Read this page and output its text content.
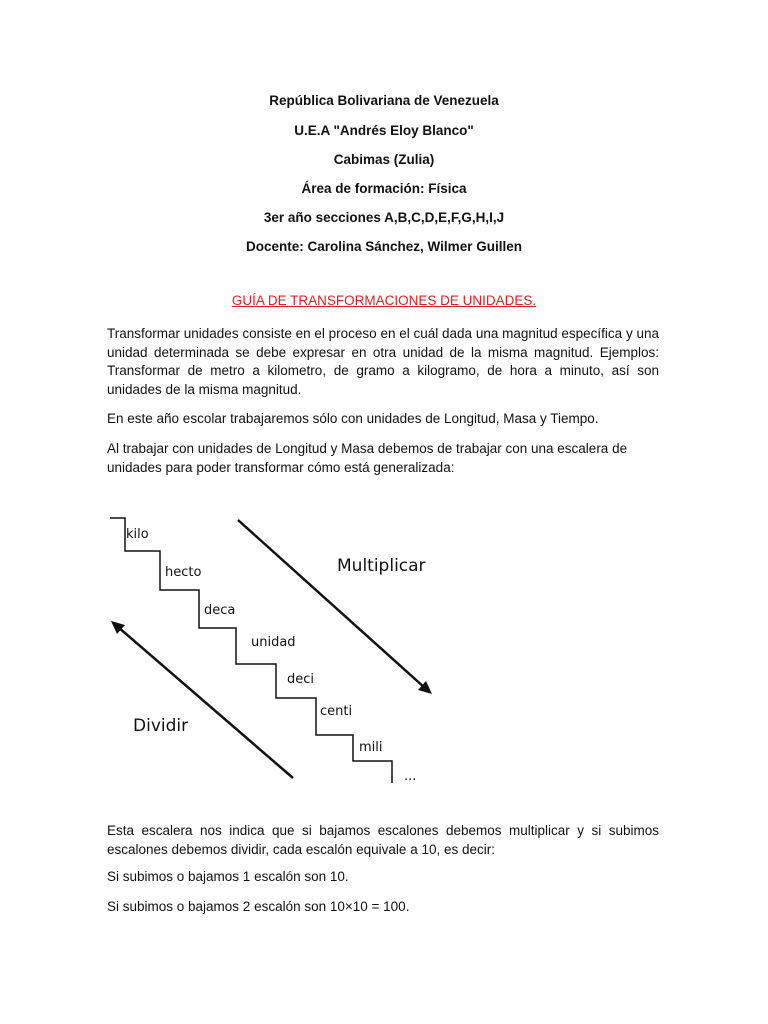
República Bolivariana de Venezuela
U.E.A "Andrés Eloy Blanco"
Cabimas (Zulia)
Área de formación: Física
3er año secciones A,B,C,D,E,F,G,H,I,J
Docente: Carolina Sánchez, Wilmer Guillen
GUÍA DE TRANSFORMACIONES DE UNIDADES.

Transformar unidades consiste en el proceso en el cuál dada una magnitud específica y una unidad determinada se debe expresar en otra unidad de la misma magnitud. Ejemplos: Transformar de metro a kilometro, de gramo a kilogramo, de hora a minuto, así son unidades de la misma magnitud.

En este año escolar trabajaremos sólo con unidades de Longitud, Masa y Tiempo.

Al trabajar con unidades de Longitud y Masa debemos de trabajar con una escalera de unidades para poder transformar cómo está generalizada:

kilo
hecto
deca
unidad
deci
centi
mili
...
Multiplicar
Dividir

Esta escalera nos indica que si bajamos escalones debemos multiplicar y si subimos escalones debemos dividir, cada escalón equivale a 10, es decir:

Si subimos o bajamos 1 escalón son 10.

Si subimos o bajamos 2 escalón son 10×10 = 100.
